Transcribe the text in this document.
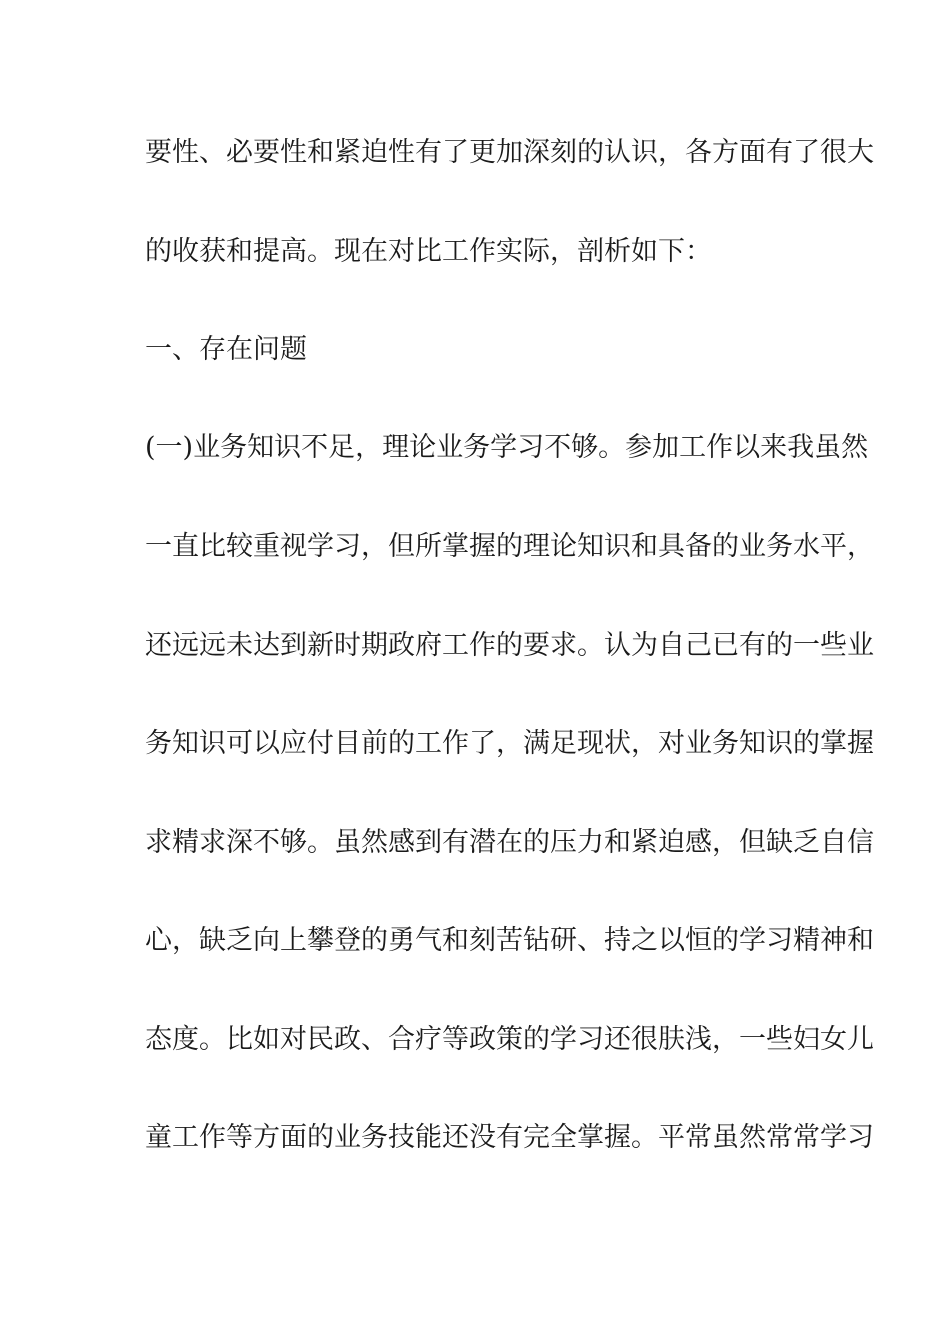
要性、必要性和紧迫性有了更加深刻的认识，各方面有了很大
的收获和提高。现在对比工作实际，剖析如下：
一、存在问题
(一)业务知识不足，理论业务学习不够。参加工作以来我虽然
一直比较重视学习，但所掌握的理论知识和具备的业务水平，
还远远未达到新时期政府工作的要求。认为自己已有的一些业
务知识可以应付目前的工作了，满足现状，对业务知识的掌握
求精求深不够。虽然感到有潜在的压力和紧迫感，但缺乏自信
心，缺乏向上攀登的勇气和刻苦钻研、持之以恒的学习精神和
态度。比如对民政、合疗等政策的学习还很肤浅，一些妇女儿
童工作等方面的业务技能还没有完全掌握。平常虽然常常学习
